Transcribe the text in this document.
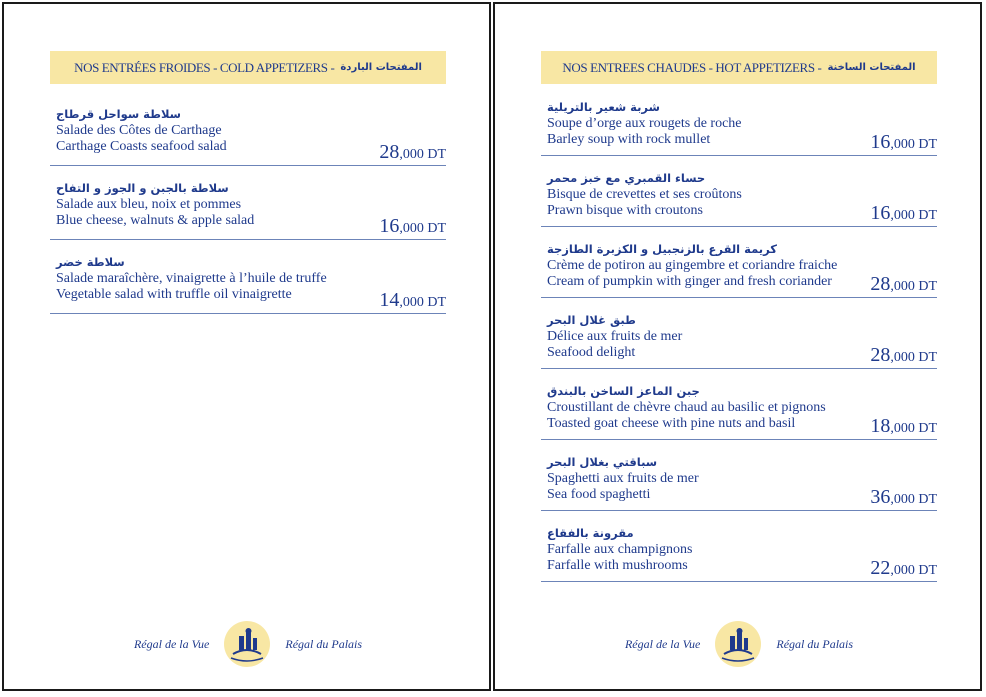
NOS ENTRÉES FROIDES - COLD APPETIZERS - المفتحات الباردة
سلاطة سواحل قرطاج
Salade des Côtes de Carthage
Carthage Coasts seafood salad	28,000 DT
سلاطة بالجبن و الجوز و التفاح
Salade aux bleu, noix et pommes
Blue cheese, walnuts & apple salad	16,000 DT
سلاطة خضر
Salade maraîchère, vinaigrette à l’huile de truffe
Vegetable salad with truffle oil vinaigrette	14,000 DT
Régal de la Vue	Régal du Palais
NOS ENTREES CHAUDES - HOT APPETIZERS - المفتحات الساخنة
شربة شعير بالتريلية
Soupe d’orge aux rougets de roche
Barley soup with rock mullet	16,000 DT
حساء القمبري مع خبز محمر
Bisque de crevettes et ses croûtons
Prawn bisque with croutons	16,000 DT
كريمة القرع بالزنجبيل و الكزبرة الطازجة
Crème de potiron au gingembre et coriandre fraiche
Cream of pumpkin with ginger and fresh coriander	28,000 DT
طبق غلال البحر
Délice aux fruits de mer
Seafood delight	28,000 DT
جبن الماعز الساخن بالبندق
Croustillant de chèvre chaud au basilic et pignons
Toasted goat cheese with pine nuts and basil	18,000 DT
سباقتي بغلال البحر
Spaghetti aux fruits de mer
Sea food spaghetti	36,000 DT
مقرونة بالفقاع
Farfalle aux champignons
Farfalle with mushrooms	22,000 DT
Régal de la Vue	Régal du Palais
